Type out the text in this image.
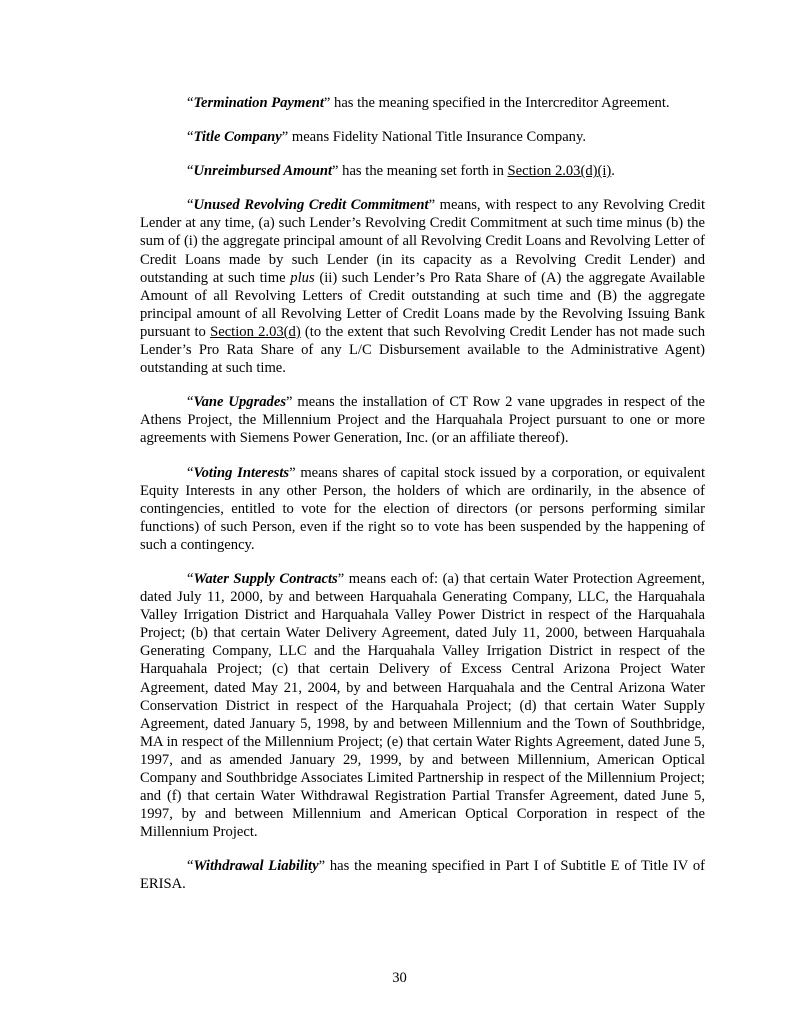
“Termination Payment” has the meaning specified in the Intercreditor Agreement.

“Title Company” means Fidelity National Title Insurance Company.

“Unreimbursed Amount” has the meaning set forth in Section 2.03(d)(i).

“Unused Revolving Credit Commitment” means, with respect to any Revolving Credit Lender at any time, (a) such Lender’s Revolving Credit Commitment at such time minus (b) the sum of (i) the aggregate principal amount of all Revolving Credit Loans and Revolving Letter of Credit Loans made by such Lender (in its capacity as a Revolving Credit Lender) and outstanding at such time plus (ii) such Lender’s Pro Rata Share of (A) the aggregate Available Amount of all Revolving Letters of Credit outstanding at such time and (B) the aggregate principal amount of all Revolving Letter of Credit Loans made by the Revolving Issuing Bank pursuant to Section 2.03(d) (to the extent that such Revolving Credit Lender has not made such Lender’s Pro Rata Share of any L/C Disbursement available to the Administrative Agent) outstanding at such time.

“Vane Upgrades” means the installation of CT Row 2 vane upgrades in respect of the Athens Project, the Millennium Project and the Harquahala Project pursuant to one or more agreements with Siemens Power Generation, Inc. (or an affiliate thereof).

“Voting Interests” means shares of capital stock issued by a corporation, or equivalent Equity Interests in any other Person, the holders of which are ordinarily, in the absence of contingencies, entitled to vote for the election of directors (or persons performing similar functions) of such Person, even if the right so to vote has been suspended by the happening of such a contingency.

“Water Supply Contracts” means each of: (a) that certain Water Protection Agreement, dated July 11, 2000, by and between Harquahala Generating Company, LLC, the Harquahala Valley Irrigation District and Harquahala Valley Power District in respect of the Harquahala Project; (b) that certain Water Delivery Agreement, dated July 11, 2000, between Harquahala Generating Company, LLC and the Harquahala Valley Irrigation District in respect of the Harquahala Project; (c) that certain Delivery of Excess Central Arizona Project Water Agreement, dated May 21, 2004, by and between Harquahala and the Central Arizona Water Conservation District in respect of the Harquahala Project; (d) that certain Water Supply Agreement, dated January 5, 1998, by and between Millennium and the Town of Southbridge, MA in respect of the Millennium Project; (e) that certain Water Rights Agreement, dated June 5, 1997, and as amended January 29, 1999, by and between Millennium, American Optical Company and Southbridge Associates Limited Partnership in respect of the Millennium Project; and (f) that certain Water Withdrawal Registration Partial Transfer Agreement, dated June 5, 1997, by and between Millennium and American Optical Corporation in respect of the Millennium Project.

“Withdrawal Liability” has the meaning specified in Part I of Subtitle E of Title IV of ERISA.

30
